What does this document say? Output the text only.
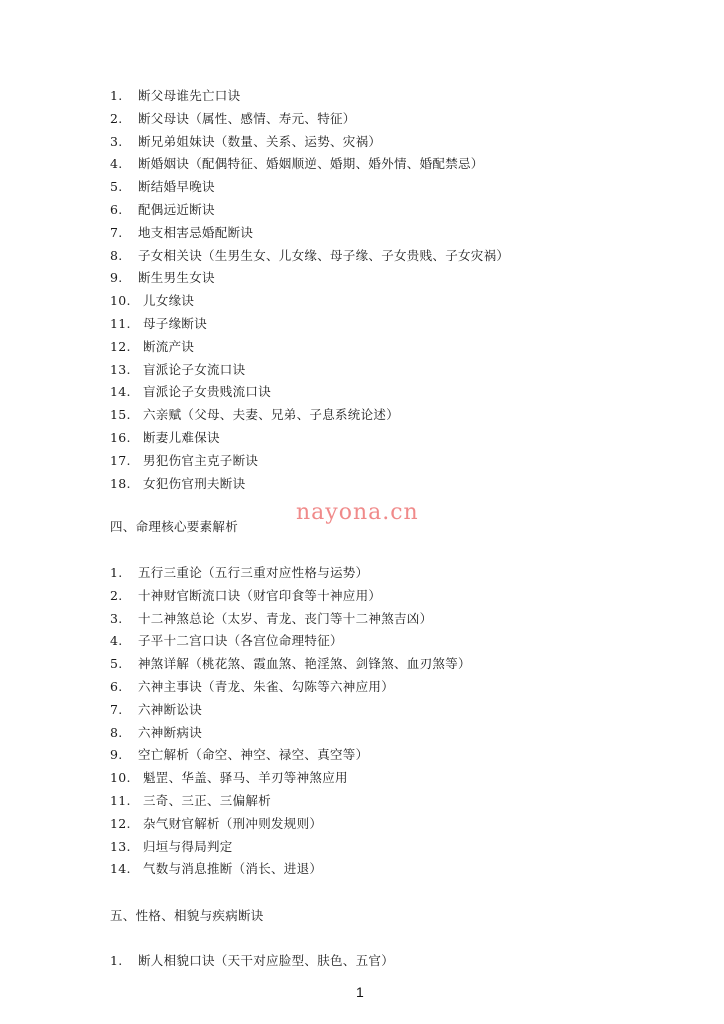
1. 断父母谁先亡口诀
2. 断父母诀（属性、感情、寿元、特征）
3. 断兄弟姐妹诀（数量、关系、运势、灾祸）
4. 断婚姻诀（配偶特征、婚姻顺逆、婚期、婚外情、婚配禁忌）
5. 断结婚早晚诀
6. 配偶远近断诀
7. 地支相害忌婚配断诀
8. 子女相关诀（生男生女、儿女缘、母子缘、子女贵贱、子女灾祸）
9. 断生男生女诀
10. 儿女缘诀
11. 母子缘断诀
12. 断流产诀
13. 盲派论子女流口诀
14. 盲派论子女贵贱流口诀
15. 六亲赋（父母、夫妻、兄弟、子息系统论述）
16. 断妻儿难保诀
17. 男犯伤官主克子断诀
18. 女犯伤官刑夫断诀
四、命理核心要素解析
1. 五行三重论（五行三重对应性格与运势）
2. 十神财官断流口诀（财官印食等十神应用）
3. 十二神煞总论（太岁、青龙、丧门等十二神煞吉凶）
4. 子平十二宫口诀（各宫位命理特征）
5. 神煞详解（桃花煞、霞血煞、艳淫煞、剑锋煞、血刃煞等）
6. 六神主事诀（青龙、朱雀、勾陈等六神应用）
7. 六神断讼诀
8. 六神断病诀
9. 空亡解析（命空、神空、禄空、真空等）
10. 魁罡、华盖、驿马、羊刃等神煞应用
11. 三奇、三正、三偏解析
12. 杂气财官解析（刑冲则发规则）
13. 归垣与得局判定
14. 气数与消息推断（消长、进退）
五、性格、相貌与疾病断诀
1. 断人相貌口诀（天干对应脸型、肤色、五官）
nayona.cn
1
